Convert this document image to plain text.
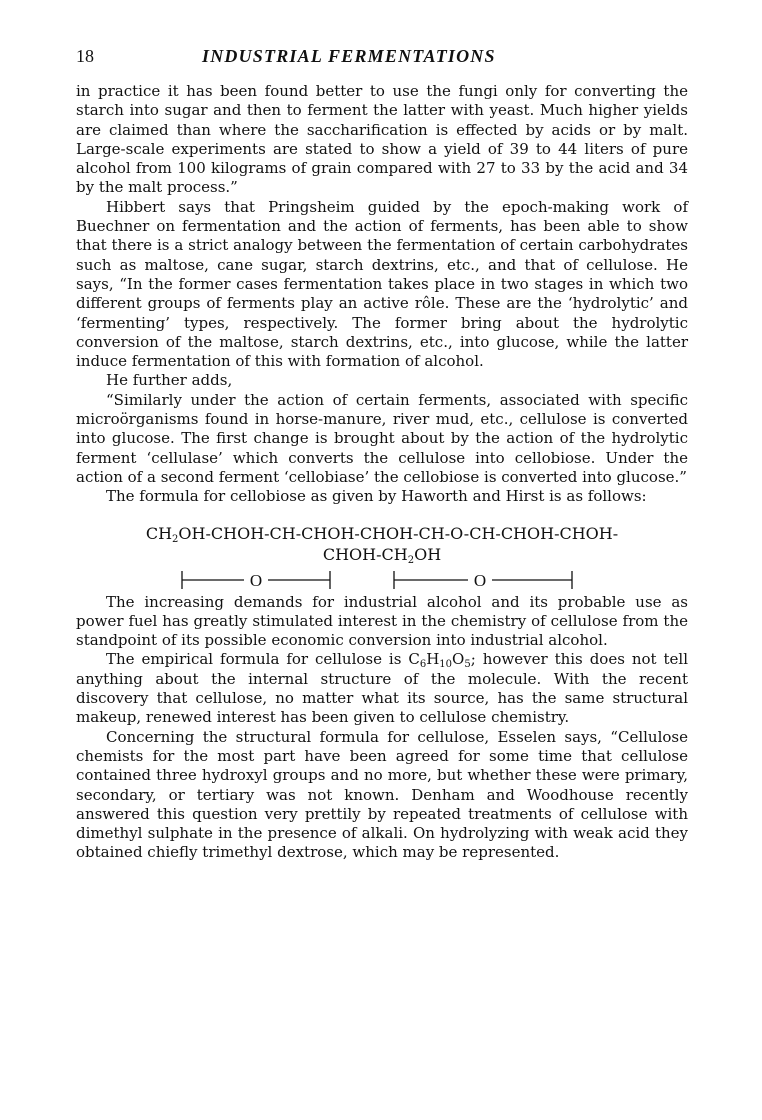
18	INDUSTRIAL FERMENTATIONS

in practice it has been found better to use the fungi only for converting the starch into sugar and then to ferment the latter with yeast. Much higher yields are claimed than where the saccharification is effected by acids or by malt. Large-scale experiments are stated to show a yield of 39 to 44 liters of pure alcohol from 100 kilograms of grain compared with 27 to 33 by the acid and 34 by the malt process.”

Hibbert says that Pringsheim guided by the epoch-making work of Buechner on fermentation and the action of ferments, has been able to show that there is a strict analogy between the fermentation of certain carbohydrates such as maltose, cane sugar, starch dextrins, etc., and that of cellulose. He says, “In the former cases fermentation takes place in two stages in which two different groups of ferments play an active rôle. These are the ‘hydrolytic’ and ‘fermenting’ types, respectively. The former bring about the hydrolytic conversion of the maltose, starch dextrins, etc., into glucose, while the latter induce fermentation of this with formation of alcohol.

He further adds,

“Similarly under the action of certain ferments, associated with specific microörganisms found in horse-manure, river mud, etc., cellulose is converted into glucose. The first change is brought about by the action of the hydrolytic ferment ‘cellulase’ which converts the cellulose into cellobiose. Under the action of a second ferment ‘cellobiase’ the cellobiose is converted into glucose.”

The formula for cellobiose as given by Haworth and Hirst is as follows:

$CH_2OH-CHOH-CH-CHOH-CHOH-CH-O-CH-CHOH-CHOH-$
CHOH-$CH_2OH$
O	O

The increasing demands for industrial alcohol and its probable use as power fuel has greatly stimulated interest in the chemistry of cellulose from the standpoint of its possible economic conversion into industrial alcohol.

The empirical formula for cellulose is $C_6H_{10}O_5$; however this does not tell anything about the internal structure of the molecule. With the recent discovery that cellulose, no matter what its source, has the same structural makeup, renewed interest has been given to cellulose chemistry.

Concerning the structural formula for cellulose, Esselen says, “Cellulose chemists for the most part have been agreed for some time that cellulose contained three hydroxyl groups and no more, but whether these were primary, secondary, or tertiary was not known. Denham and Woodhouse recently answered this question very prettily by repeated treatments of cellulose with dimethyl sulphate in the presence of alkali. On hydrolyzing with weak acid they obtained chiefly trimethyl dextrose, which may be represented.
